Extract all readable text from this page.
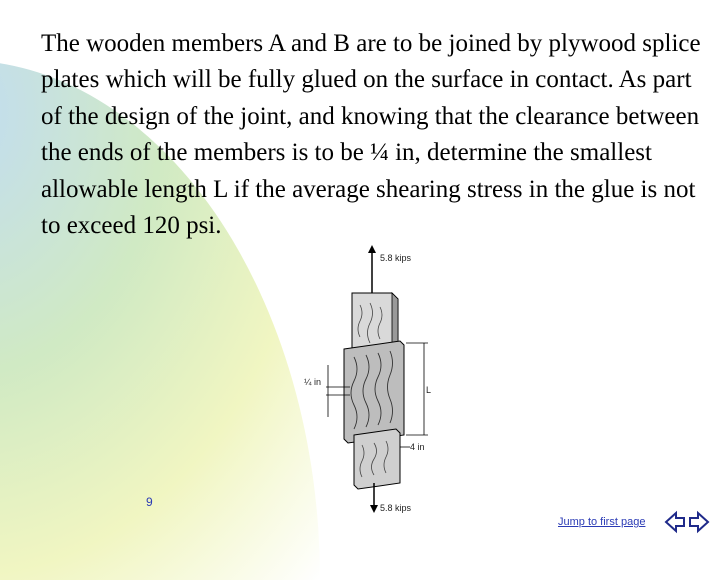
The wooden members A and B are to be joined by plywood splice plates which will be fully glued on the surface in contact. As part of the design of the joint, and knowing that the clearance between the ends of the members is to be ¼ in, determine the smallest allowable length L if the average shearing stress in the glue is not to exceed 120 psi.
5.8 kips
5.8 kips
¼ in
L
4 in
9
Jump to first page
